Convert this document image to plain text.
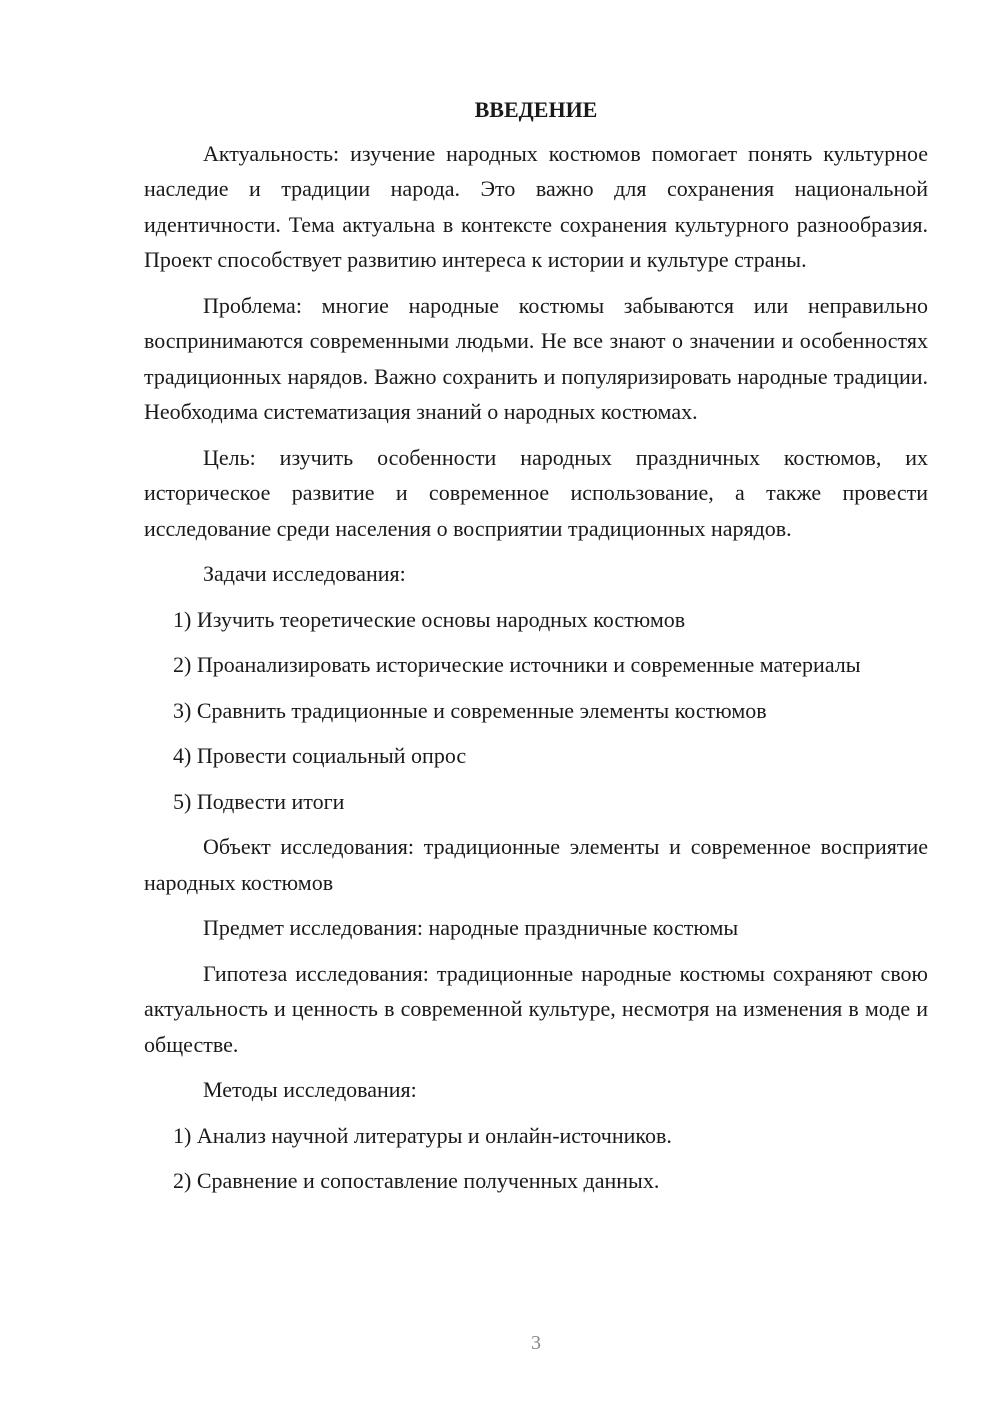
ВВЕДЕНИЕ

Актуальность: изучение народных костюмов помогает понять культурное наследие и традиции народа. Это важно для сохранения национальной идентичности. Тема актуальна в контексте сохранения культурного разнообразия. Проект способствует развитию интереса к истории и культуре страны.

Проблема: многие народные костюмы забываются или неправильно воспринимаются современными людьми. Не все знают о значении и особенностях традиционных нарядов. Важно сохранить и популяризировать народные традиции. Необходима систематизация знаний о народных костюмах.

Цель: изучить особенности народных праздничных костюмов, их историческое развитие и современное использование, а также провести исследование среди населения о восприятии традиционных нарядов.

Задачи исследования:

1) Изучить теоретические основы народных костюмов

2) Проанализировать исторические источники и современные материалы

3) Сравнить традиционные и современные элементы костюмов

4) Провести социальный опрос

5) Подвести итоги

Объект исследования: традиционные элементы и современное восприятие народных костюмов

Предмет исследования: народные праздничные костюмы

Гипотеза исследования: традиционные народные костюмы сохраняют свою актуальность и ценность в современной культуре, несмотря на изменения в моде и обществе.

Методы исследования:

1) Анализ научной литературы и онлайн-источников.

2) Сравнение и сопоставление полученных данных.

3
